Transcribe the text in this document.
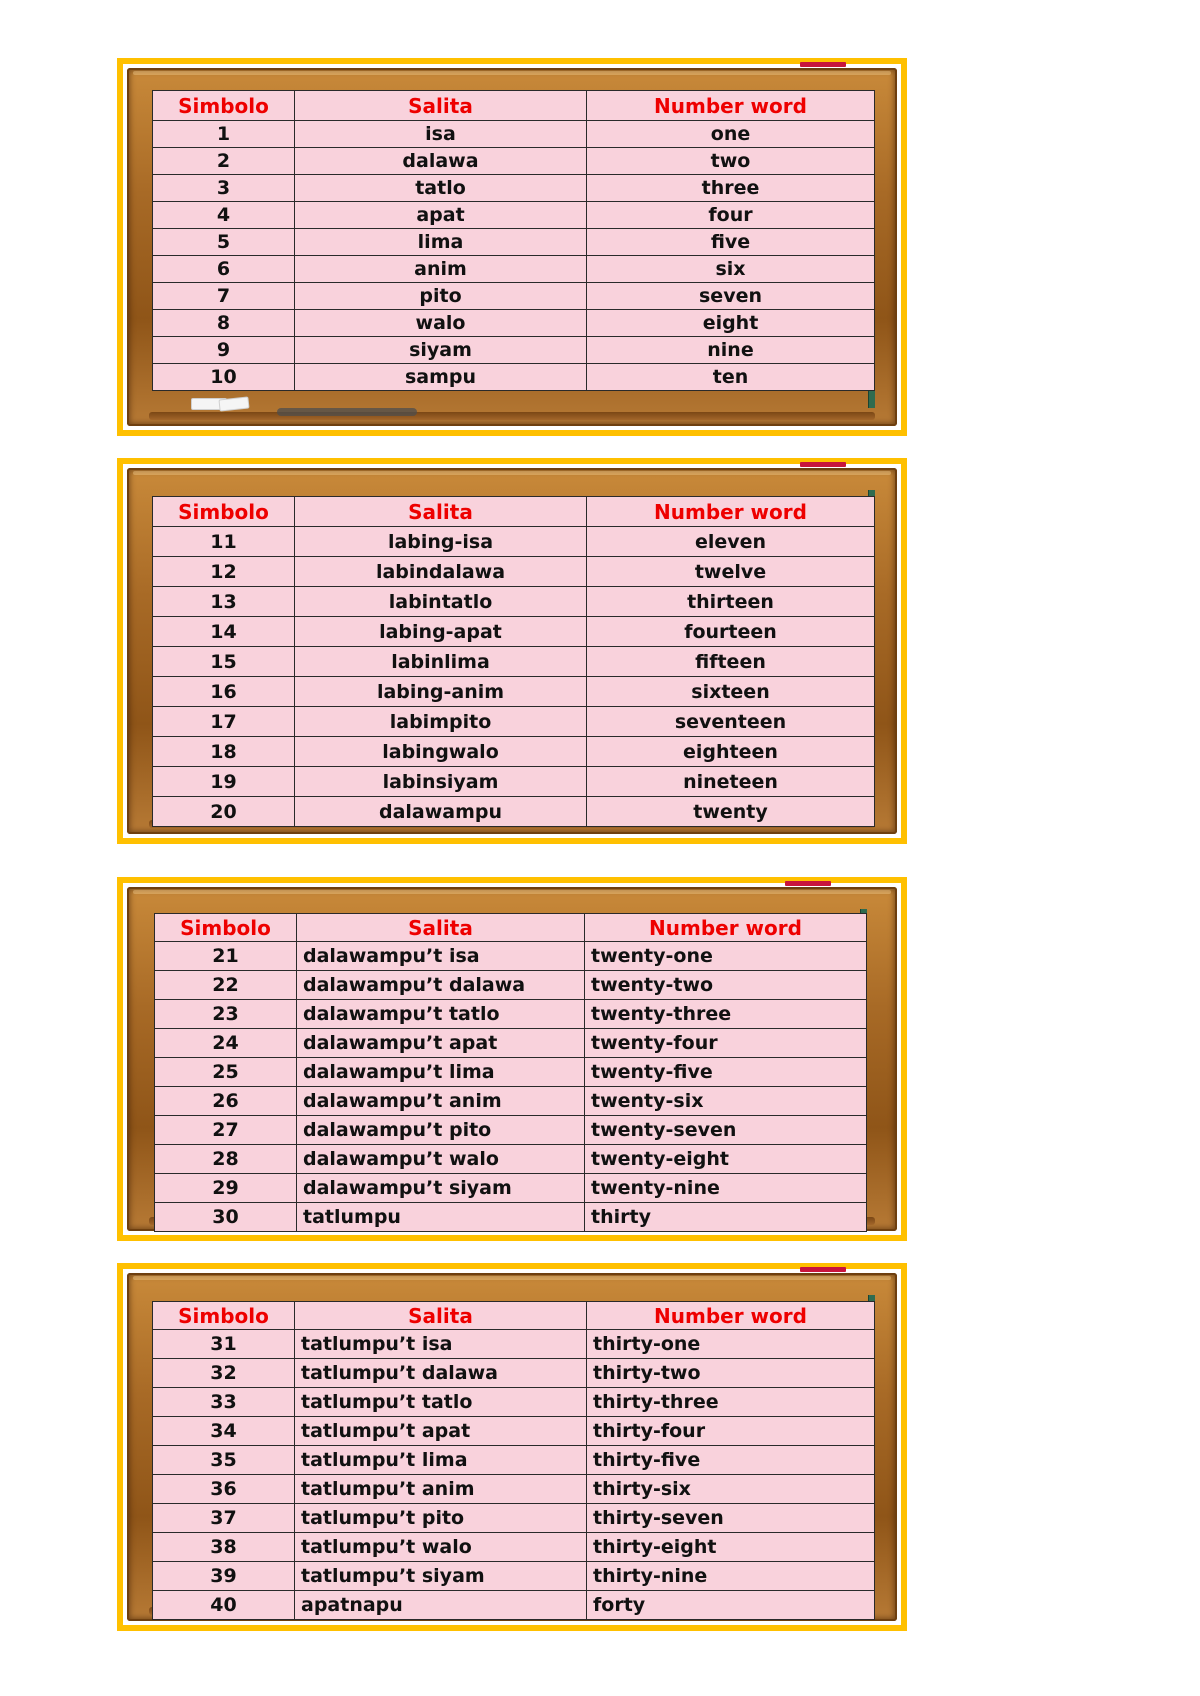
Simbolo	Salita	Number word
1	isa	one
2	dalawa	two
3	tatlo	three
4	apat	four
5	lima	five
6	anim	six
7	pito	seven
8	walo	eight
9	siyam	nine
10	sampu	ten
Simbolo	Salita	Number word
11	labing-isa	eleven
12	labindalawa	twelve
13	labintatlo	thirteen
14	labing-apat	fourteen
15	labinlima	fifteen
16	labing-anim	sixteen
17	labimpito	seventeen
18	labingwalo	eighteen
19	labinsiyam	nineteen
20	dalawampu	twenty
Simbolo	Salita	Number word
21	dalawampu’t isa	twenty-one
22	dalawampu’t dalawa	twenty-two
23	dalawampu’t tatlo	twenty-three
24	dalawampu’t apat	twenty-four
25	dalawampu’t lima	twenty-five
26	dalawampu’t anim	twenty-six
27	dalawampu’t pito	twenty-seven
28	dalawampu’t walo	twenty-eight
29	dalawampu’t siyam	twenty-nine
30	tatlumpu	thirty
Simbolo	Salita	Number word
31	tatlumpu’t isa	thirty-one
32	tatlumpu’t dalawa	thirty-two
33	tatlumpu’t tatlo	thirty-three
34	tatlumpu’t apat	thirty-four
35	tatlumpu’t lima	thirty-five
36	tatlumpu’t anim	thirty-six
37	tatlumpu’t pito	thirty-seven
38	tatlumpu’t walo	thirty-eight
39	tatlumpu’t siyam	thirty-nine
40	apatnapu	forty
